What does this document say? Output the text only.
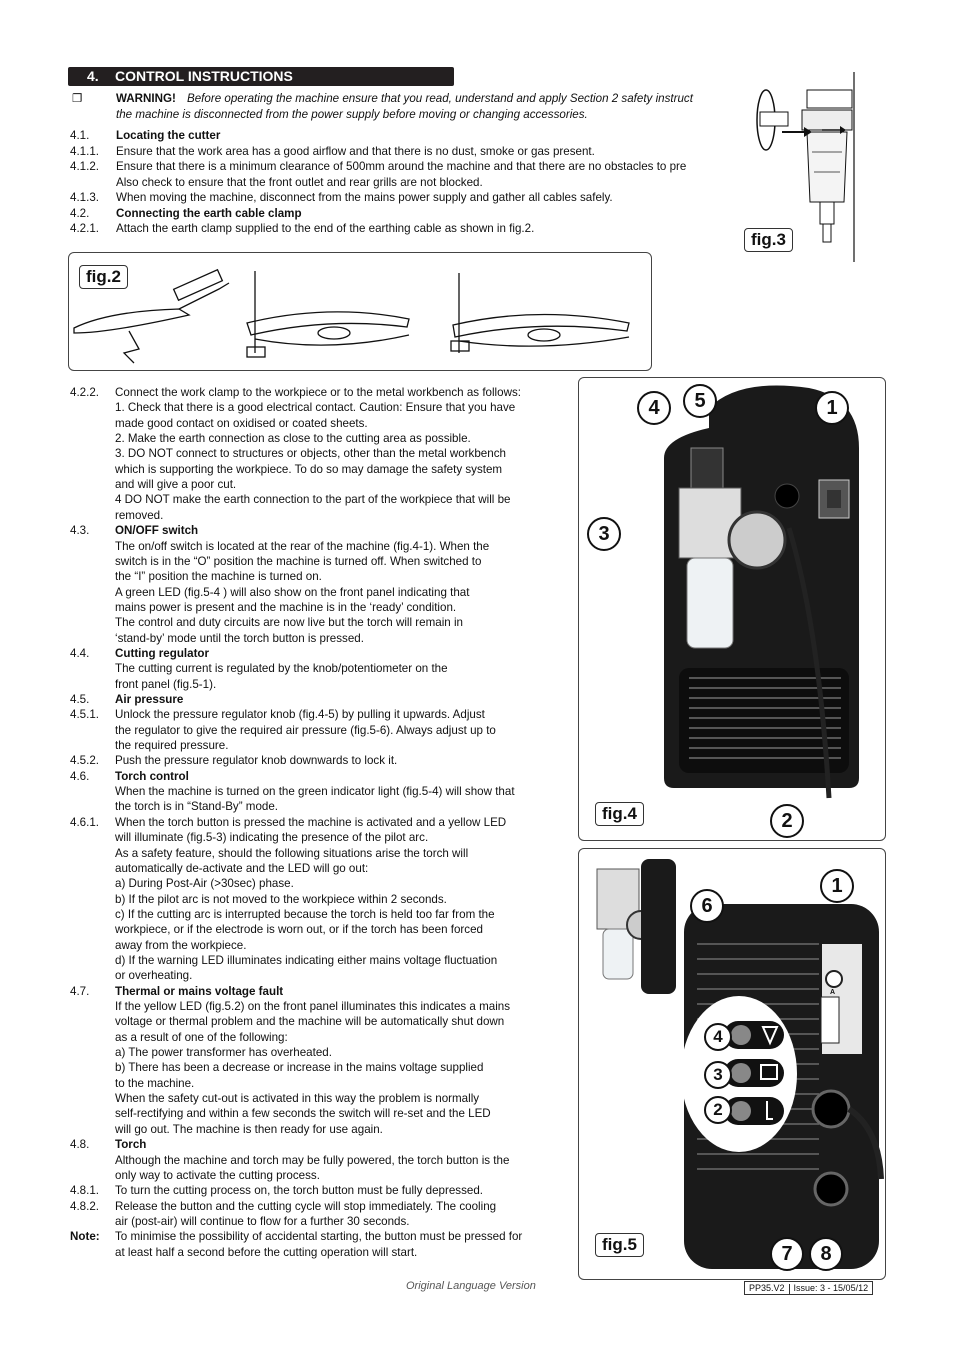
4. CONTROL INSTRUCTIONS
❐	WARNING! Before operating the machine ensure that you read, understand and apply Section 2 safety instruct
the machine is disconnected from the power supply before moving or changing accessories.
4.1. Locating the cutter
4.1.1. Ensure that the work area has a good airflow and that there is no dust, smoke or gas present.
4.1.2. Ensure that there is a minimum clearance of 500mm around the machine and that there are no obstacles to pre
Also check to ensure that the front outlet and rear grills are not blocked.
4.1.3. When moving the machine, disconnect from the mains power supply and gather all cables safely.
4.2. Connecting the earth cable clamp
4.2.1. Attach the earth clamp supplied to the end of the earthing cable as shown in fig.2.
fig.3
fig.2
4.2.2. Connect the work clamp to the workpiece or to the metal workbench as follows:
1. Check that there is a good electrical contact. Caution: Ensure that you have
made good contact on oxidised or coated sheets.
2. Make the earth connection as close to the cutting area as possible.
3. DO NOT connect to structures or objects, other than the metal workbench
which is supporting the workpiece. To do so may damage the safety system
and will give a poor cut.
4 DO NOT make the earth connection to the part of the workpiece that will be
removed.
4.3. ON/OFF switch
The on/off switch is located at the rear of the machine (fig.4-1). When the
switch is in the “O” position the machine is turned off. When switched to
the “I” position the machine is turned on.
A green LED (fig.5-4 ) will also show on the front panel indicating that
mains power is present and the machine is in the ‘ready’ condition.
The control and duty circuits are now live but the torch will remain in
‘stand-by’ mode until the torch button is pressed.
4.4. Cutting regulator
The cutting current is regulated by the knob/potentiometer on the
front panel (fig.5-1).
4.5. Air pressure
4.5.1. Unlock the pressure regulator knob (fig.4-5) by pulling it upwards. Adjust
the regulator to give the required air pressure (fig.5-6). Always adjust up to
the required pressure.
4.5.2. Push the pressure regulator knob downwards to lock it.
4.6. Torch control
When the machine is turned on the green indicator light (fig.5-4) will show that
the torch is in “Stand-By” mode.
4.6.1. When the torch button is pressed the machine is activated and a yellow LED
will illuminate (fig.5-3) indicating the presence of the pilot arc.
As a safety feature, should the following situations arise the torch will
automatically de-activate and the LED will go out:
a) During Post-Air (>30sec) phase.
b) If the pilot arc is not moved to the workpiece within 2 seconds.
c) If the cutting arc is interrupted because the torch is held too far from the
workpiece, or if the electrode is worn out, or if the torch has been forced
away from the workpiece.
d) If the warning LED illuminates indicating either mains voltage fluctuation
or overheating.
4.7. Thermal or mains voltage fault
If the yellow LED (fig.5.2) on the front panel illuminates this indicates a mains
voltage or thermal problem and the machine will be automatically shut down
as a result of one of the following:
a) The power transformer has overheated.
b) There has been a decrease or increase in the mains voltage supplied
to the machine.
When the safety cut-out is activated in this way the problem is normally
self-rectifying and within a few seconds the switch will re-set and the LED
will go out. The machine is then ready for use again.
4.8. Torch
Although the machine and torch may be fully powered, the torch button is the
only way to activate the cutting process.
4.8.1. To turn the cutting process on, the torch button must be fully depressed.
4.8.2. Release the button and the cutting cycle will stop immediately. The cooling
air (post-air) will continue to flow for a further 30 seconds.
Note: To minimise the possibility of accidental starting, the button must be pressed for
at least half a second before the cutting operation will start.
fig.4
4	5	1
3
2
A
fig.5
1
6
4
3
2
7	8
Original Language Version	PP35.V2 Issue: 3 - 15/05/12
